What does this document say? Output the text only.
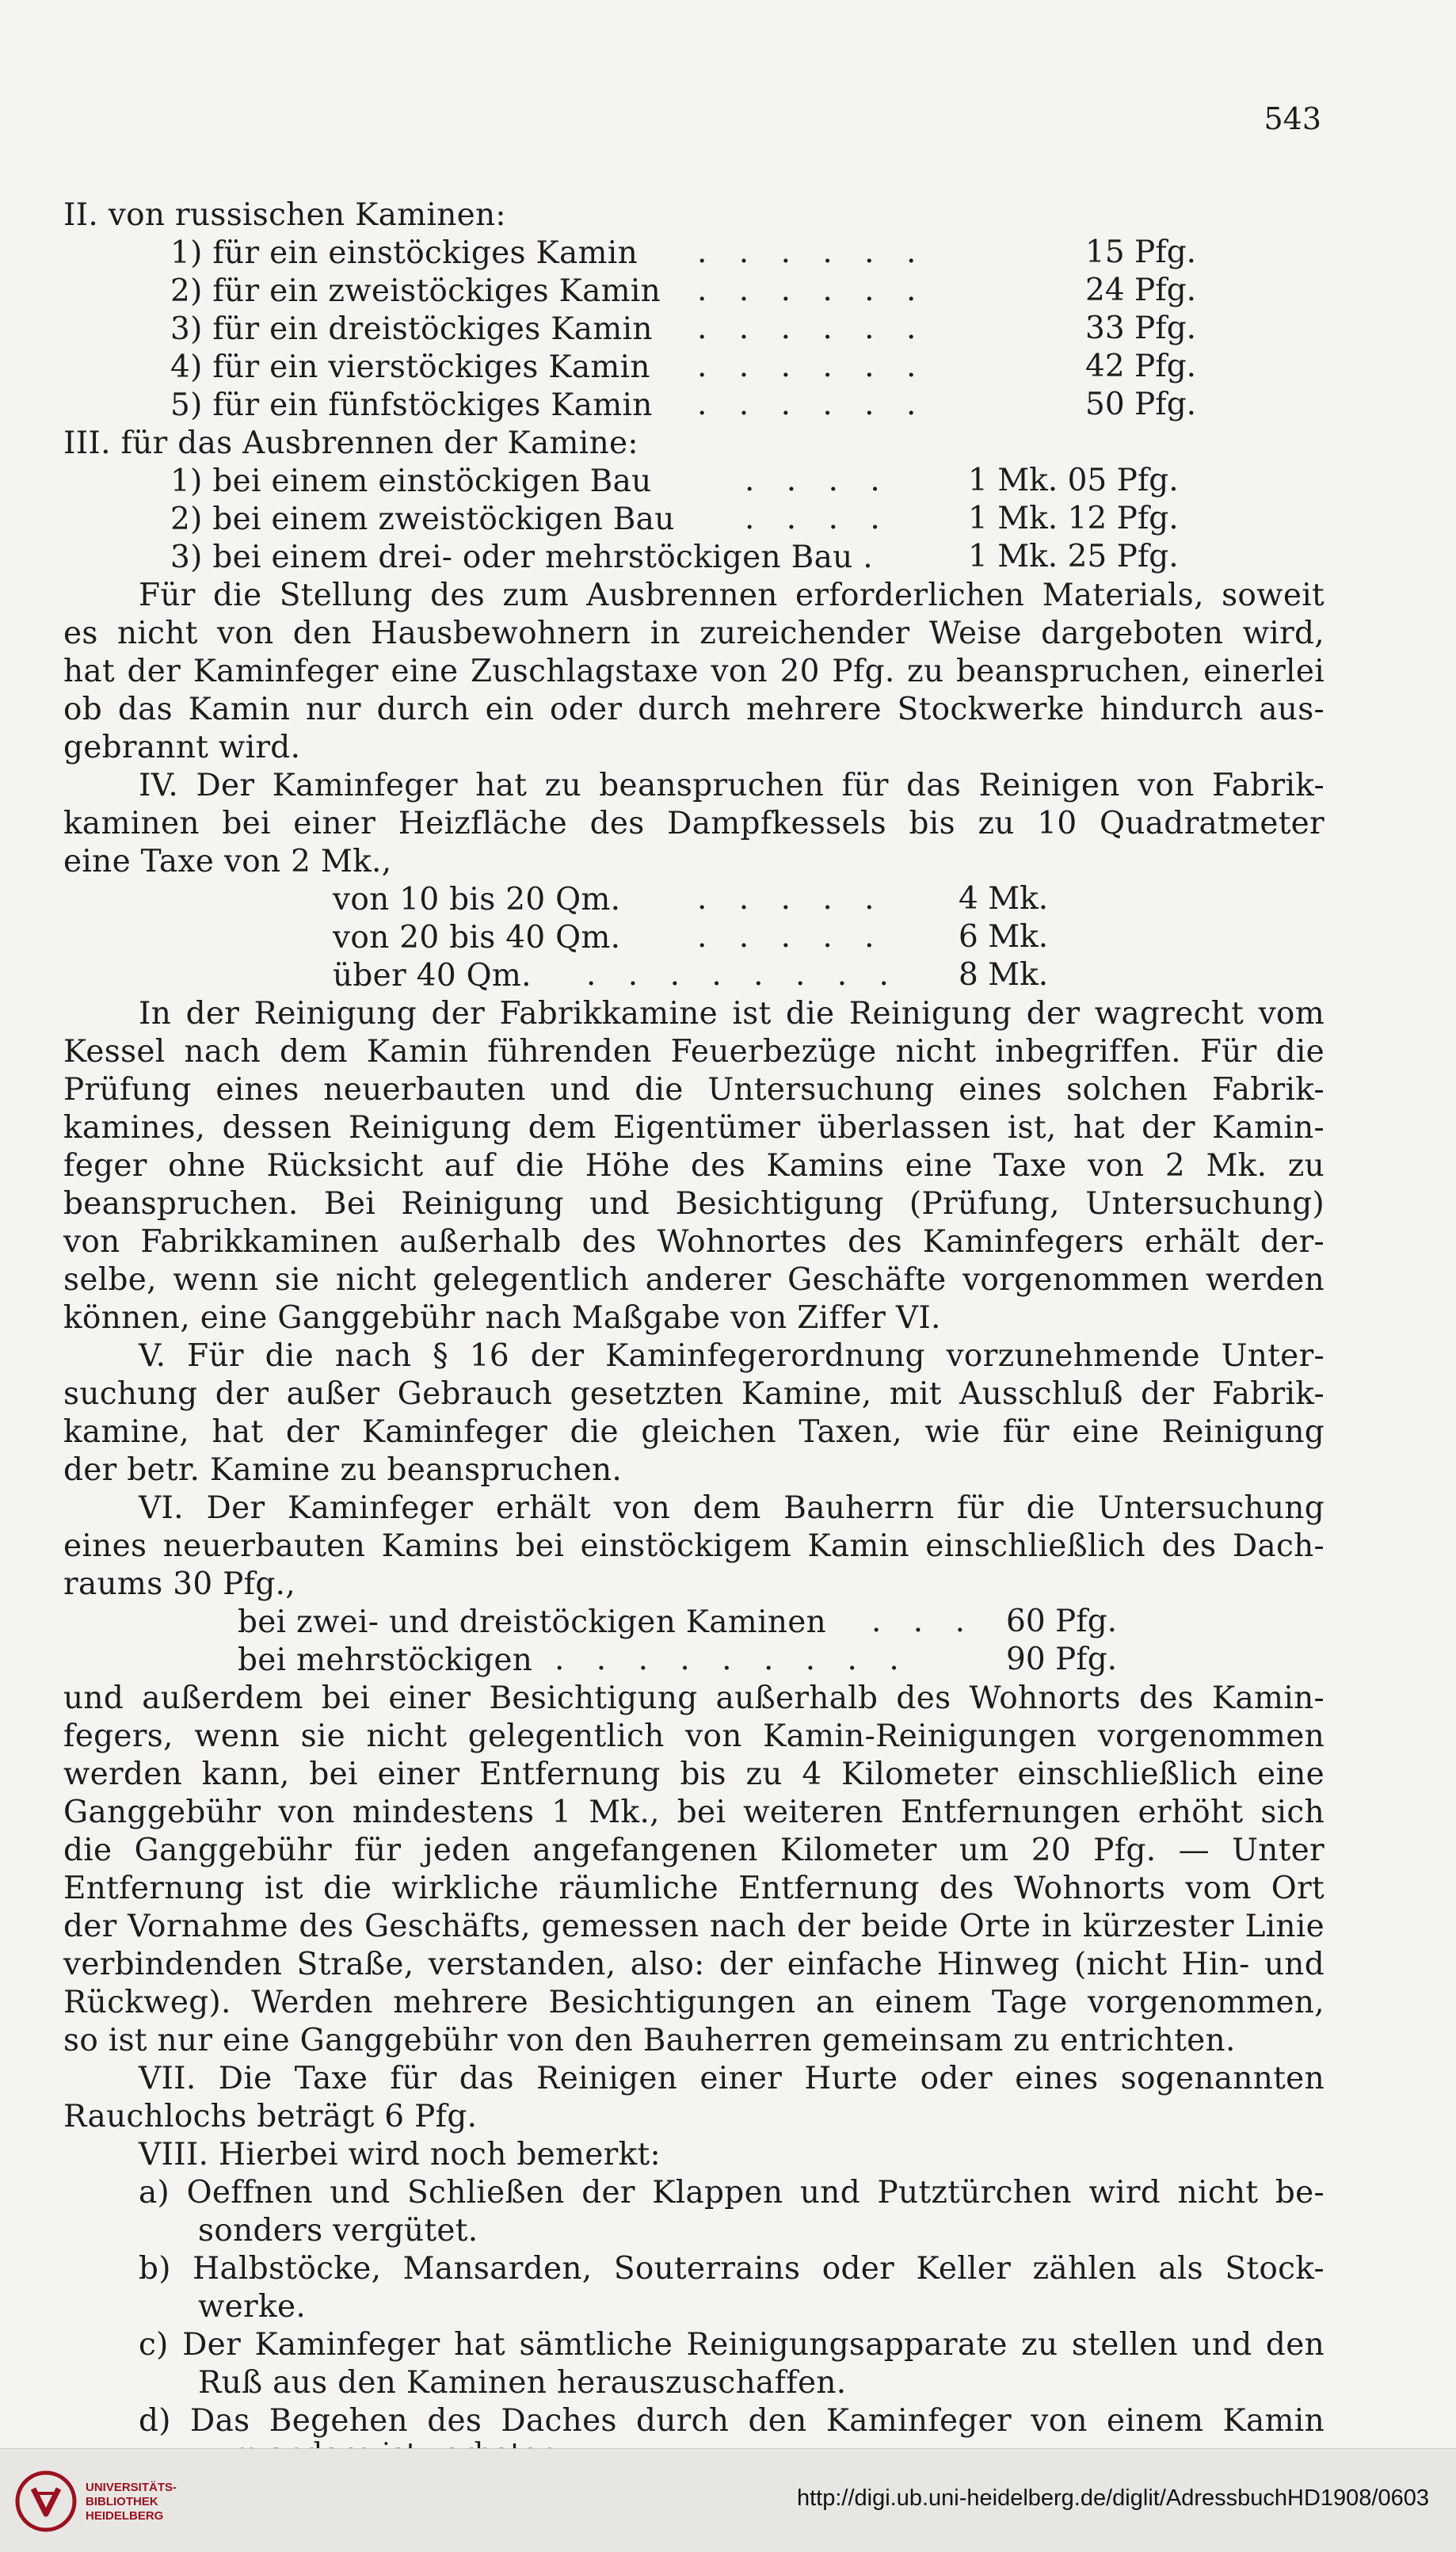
543
II. von russischen Kaminen:
1) für ein einstöckiges Kamin . . . . . .	15 Pfg.
2) für ein zweistöckiges Kamin . . . . . .	24 Pfg.
3) für ein dreistöckiges Kamin . . . . . .	33 Pfg.
4) für ein vierstöckiges Kamin . . . . . .	42 Pfg.
5) für ein fünfstöckiges Kamin . . . . . .	50 Pfg.
III. für das Ausbrennen der Kamine:
1) bei einem einstöckigen Bau	. . . . 1 Mk. 05 Pfg.
2) bei einem zweistöckigen Bau . . . . 1 Mk. 12 Pfg.
3) bei einem drei- oder mehrstöckigen Bau .	1 Mk. 25 Pfg.
Für die Stellung des zum Ausbrennen erforderlichen Materials, soweit
es nicht von den Hausbewohnern in zureichender Weise dargeboten wird,
hat der Kaminfeger eine Zuschlagstaxe von 20 Pfg. zu beanspruchen, einerlei
ob das Kamin nur durch ein oder durch mehrere Stockwerke hindurch aus-
gebrannt wird.
IV. Der Kaminfeger hat zu beanspruchen für das Reinigen von Fabrik-
kaminen bei einer Heizfläche des Dampfkessels bis zu 10 Quadratmeter
eine Taxe von 2 Mk.,
von 10 bis 20 Qm. . . . . . 4 Mk.
von 20 bis 40 Qm. . . . . . 6 Mk.
über 40 Qm. . . . . . . . . 8 Mk.
In der Reinigung der Fabrikkamine ist die Reinigung der wagrecht vom
Kessel nach dem Kamin führenden Feuerbezüge nicht inbegriffen. Für die
Prüfung eines neuerbauten und die Untersuchung eines solchen Fabrik-
kamines, dessen Reinigung dem Eigentümer überlassen ist, hat der Kamin-
feger ohne Rücksicht auf die Höhe des Kamins eine Taxe von 2 Mk. zu
beanspruchen. Bei Reinigung und Besichtigung (Prüfung, Untersuchung)
von Fabrikkaminen außerhalb des Wohnortes des Kaminfegers erhält der-
selbe, wenn sie nicht gelegentlich anderer Geschäfte vorgenommen werden
können, eine Ganggebühr nach Maßgabe von Ziffer VI.
V. Für die nach § 16 der Kaminfegerordnung vorzunehmende Unter-
suchung der außer Gebrauch gesetzten Kamine, mit Ausschluß der Fabrik-
kamine, hat der Kaminfeger die gleichen Taxen, wie für eine Reinigung
der betr. Kamine zu beanspruchen.
VI. Der Kaminfeger erhält von dem Bauherrn für die Untersuchung
eines neuerbauten Kamins bei einstöckigem Kamin einschließlich des Dach-
raums 30 Pfg.,
bei zwei- und dreistöckigen Kaminen . . . 60 Pfg.
bei mehrstöckigen . . . . . . . . .	90 Pfg.
und außerdem bei einer Besichtigung außerhalb des Wohnorts des Kamin-
fegers, wenn sie nicht gelegentlich von Kamin-Reinigungen vorgenommen
werden kann, bei einer Entfernung bis zu 4 Kilometer einschließlich eine
Ganggebühr von mindestens 1 Mk., bei weiteren Entfernungen erhöht sich
die Ganggebühr für jeden angefangenen Kilometer um 20 Pfg. — Unter
Entfernung ist die wirkliche räumliche Entfernung des Wohnorts vom Ort
der Vornahme des Geschäfts, gemessen nach der beide Orte in kürzester Linie
verbindenden Straße, verstanden, also: der einfache Hinweg (nicht Hin- und
Rückweg). Werden mehrere Besichtigungen an einem Tage vorgenommen,
so ist nur eine Ganggebühr von den Bauherren gemeinsam zu entrichten.
VII. Die Taxe für das Reinigen einer Hurte oder eines sogenannten
Rauchlochs beträgt 6 Pfg.
VIII. Hierbei wird noch bemerkt:
a) Oeffnen und Schließen der Klappen und Putztürchen wird nicht be-
sonders vergütet.
b) Halbstöcke, Mansarden, Souterrains oder Keller zählen als Stock-
werke.
c) Der Kaminfeger hat sämtliche Reinigungsapparate zu stellen und den
Ruß aus den Kaminen herauszuschaffen.
d) Das Begehen des Daches durch den Kaminfeger von einem Kamin
UNIVERSITÄTS-
BIBLIOTHEK
HEIDELBERG
http://digi.ub.uni-heidelberg.de/diglit/AdressbuchHD1908/0603
